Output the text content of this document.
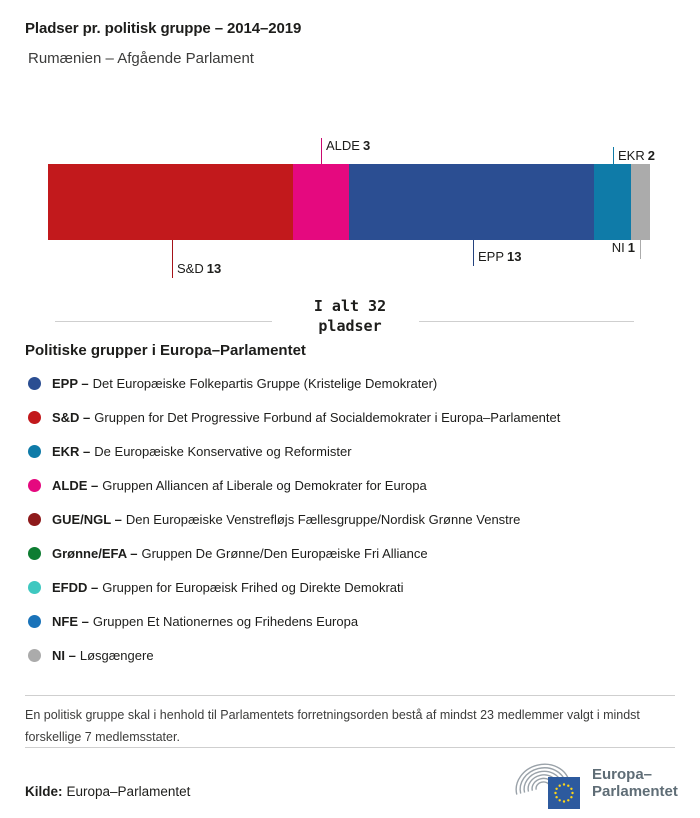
Pladser pr. politisk gruppe – 2014–2019
Rumænien – Afgående Parlament
ALDE 3
EKR 2
S&D 13
EPP 13
NI 1
I alt 32
pladser
Politiske grupper i Europa–Parlamentet
EPP – Det Europæiske Folkepartis Gruppe (Kristelige Demokrater)
S&D – Gruppen for Det Progressive Forbund af Socialdemokrater i Europa–Parlamentet
EKR – De Europæiske Konservative og Reformister
ALDE – Gruppen Alliancen af Liberale og Demokrater for Europa
GUE/NGL – Den Europæiske Venstrefløjs Fællesgruppe/Nordisk Grønne Venstre
Grønne/EFA – Gruppen De Grønne/Den Europæiske Fri Alliance
EFDD – Gruppen for Europæisk Frihed og Direkte Demokrati
NFE – Gruppen Et Nationernes og Frihedens Europa
NI – Løsgængere
En politisk gruppe skal i henhold til Parlamentets forretningsorden bestå af mindst 23 medlemmer valgt i mindst forskellige 7 medlemsstater.
Kilde: Europa–Parlamentet
Europa–
Parlamentet
